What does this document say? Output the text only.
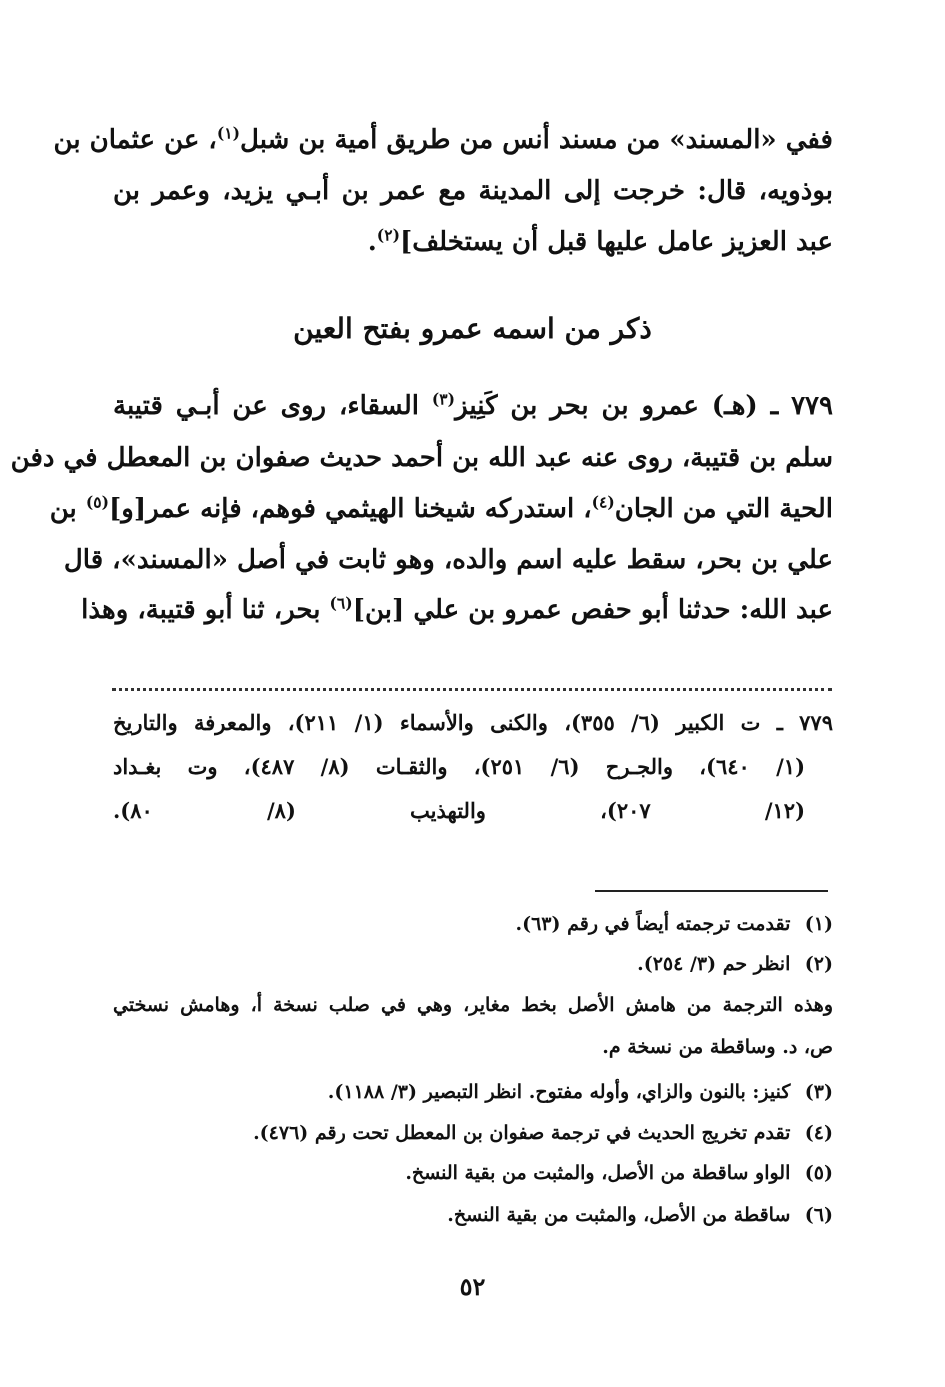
ففي «المسند» من مسند أنس من طريق أمية بن شبل$^{(١)}$، عن عثمان بن
بوذويه، قال: خرجت إلى المدينة مع عمر بن أبـي يزيد، وعمر بن
عبد العزيز عامل عليها قبل أن يستخلف]$^{(٢)}$.
ذكر من اسمه عمرو بفتح العين
٧٧٩ ـ (هـ) عمرو بن بحر بن كَنِيز$^{(٣)}$ السقاء، روى عن أبـي قتيبة
سلم بن قتيبة، روى عنه عبد الله بن أحمد حديث صفوان بن المعطل في دفن
الحية التي من الجان$^{(٤)}$، استدركه شيخنا الهيثمي فوهم، فإنه عمر[و]$^{(٥)}$ بن
علي بن بحر، سقط عليه اسم والده، وهو ثابت في أصل «المسند»، قال
عبد الله: حدثنا أبو حفص عمرو بن علي [بن]$^{(٦)}$ بحر، ثنا أبو قتيبة، وهذا
٧٧٩ ـ ت الكبير (٦/ ٣٥٥)، والكنى والأسماء (١/ ٢١١)، والمعرفة والتاريخ
(١/ ٦٤٠)، والجـرح (٦/ ٢٥١)، والثقـات (٨/ ٤٨٧)، وت بغـداد
(١٢/ ٢٠٧)، والتهذيب (٨/ ٨٠).
(١) تقدمت ترجمته أيضاً في رقم (٦٣).
(٢) انظر حم (٣/ ٢٥٤).
وهذه الترجمة من هامش الأصل بخط مغاير، وهي في صلب نسخة أ، وهامش نسختي
ص، د. وساقطة من نسخة م.
(٣) كنيز: بالنون والزاي، وأوله مفتوح. انظر التبصير (٣/ ١١٨٨).
(٤) تقدم تخريج الحديث في ترجمة صفوان بن المعطل تحت رقم (٤٧٦).
(٥) الواو ساقطة من الأصل، والمثبت من بقية النسخ.
(٦) ساقطة من الأصل، والمثبت من بقية النسخ.
٥٢
